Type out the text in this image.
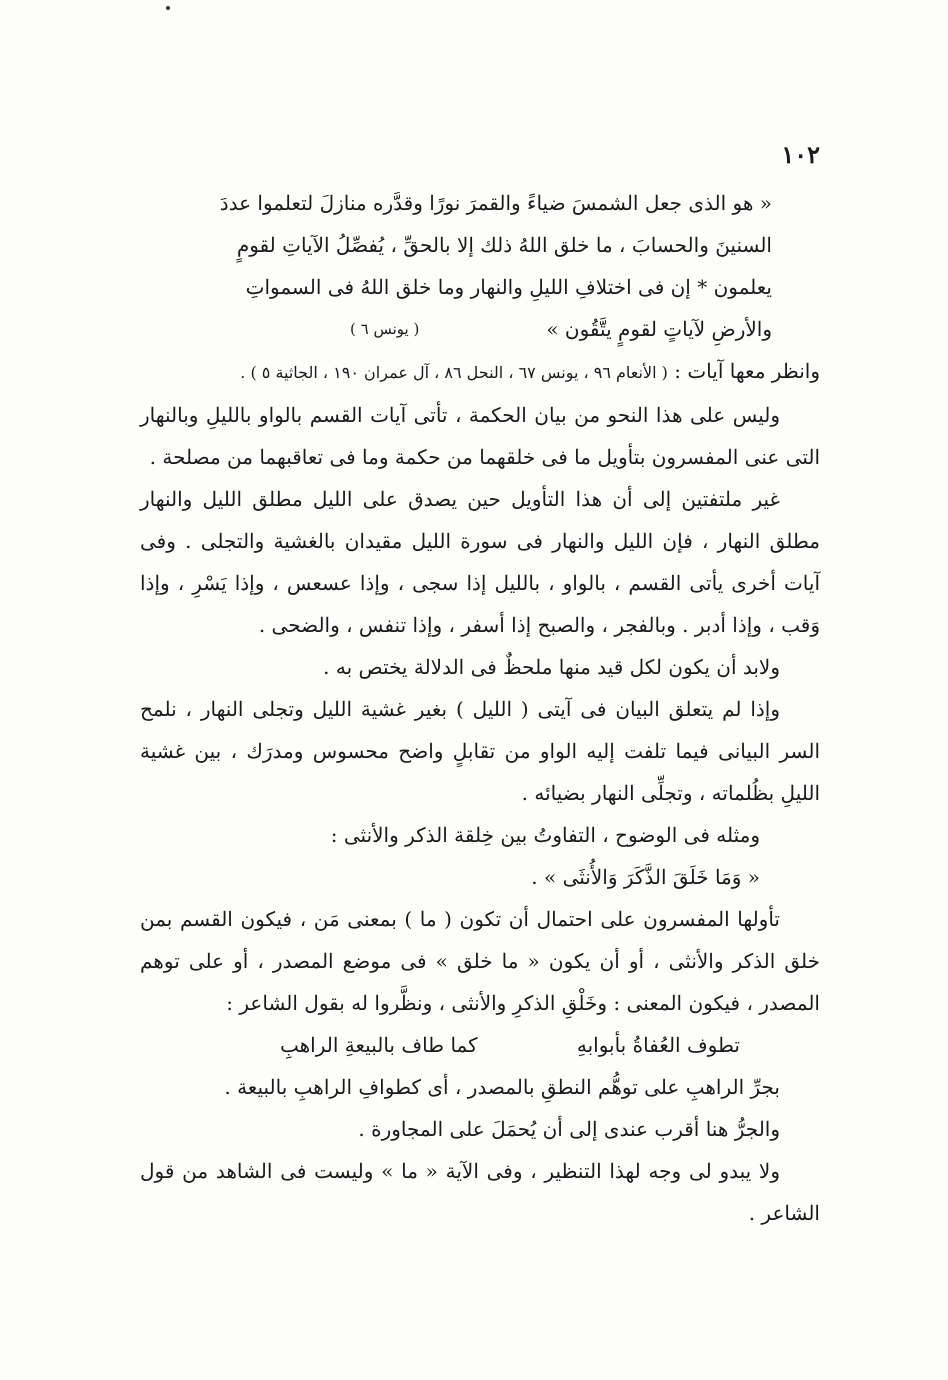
١٠٢
« هو الذى جعل الشمسَ ضياءً والقمرَ نورًا وقدَّره منازلَ لتعلموا عددَ
السنينَ والحسابَ ، ما خلق اللهُ ذلك إلا بالحقِّ ، يُفصِّلُ الآياتِ لقومٍ
يعلمون * إن فى اختلافِ الليلِ والنهار وما خلق اللهُ فى السمواتِ
والأرضِ لآياتٍ لقومٍ يتَّقُون »
( يونس ٦ )

وانظر معها آيات : ( الأنعام ٩٦ ، يونس ٦٧ ، النحل ٨٦ ، آل عمران ١٩٠ ، الجاثية ٥ ) .

وليس على هذا النحو من بيان الحكمة ، تأتى آيات القسم بالواو بالليلِ وبالنهار التى عنى المفسرون بتأويل ما فى خلقهما من حكمة وما فى تعاقبهما من مصلحة .

غير ملتفتين إلى أن هذا التأويل حين يصدق على الليل مطلق الليل والنهار مطلق النهار ، فإن الليل والنهار فى سورة الليل مقيدان بالغشية والتجلى . وفى آيات أخرى يأتى القسم ، بالواو ، بالليل إذا سجى ، وإذا عسعس ، وإذا يَسْرِ ، وإذا وَقب ، وإذا أدبر . وبالفجر ، والصبح إذا أسفر ، وإذا تنفس ، والضحى .

ولابد أن يكون لكل قيد منها ملحظٌ فى الدلالة يختص به .

وإذا لم يتعلق البيان فى آيتى ( الليل ) بغير غشية الليل وتجلى النهار ، نلمح السر البيانى فيما تلفت إليه الواو من تقابلٍ واضح محسوس ومدرَك ، بين غشية الليلِ بظُلماته ، وتجلِّى النهار بضيائه .

ومثله فى الوضوح ، التفاوتُ بين خِلقة الذكر والأنثى :

« وَمَا خَلَقَ الذَّكَرَ وَالأُنثَى » .

تأولها المفسرون على احتمال أن تكون ( ما ) بمعنى مَن ، فيكون القسم بمن خلق الذكر والأنثى ، أو أن يكون « ما خلق » فى موضع المصدر ، أو على توهم المصدر ، فيكون المعنى : وخَلْقِ الذكرِ والأنثى ، ونظَّروا له بقول الشاعر :

تطوف العُفاةُ بأبوابهِ
كما طاف بالبيعةِ الراهبِ

بجرِّ الراهبِ على توهُّم النطقِ بالمصدر ، أى كطوافِ الراهبِ بالبيعة .

والجرُّ هنا أقرب عندى إلى أن يُحمَلَ على المجاورة .

ولا يبدو لى وجه لهذا التنظير ، وفى الآية « ما » وليست فى الشاهد من قول الشاعر .
